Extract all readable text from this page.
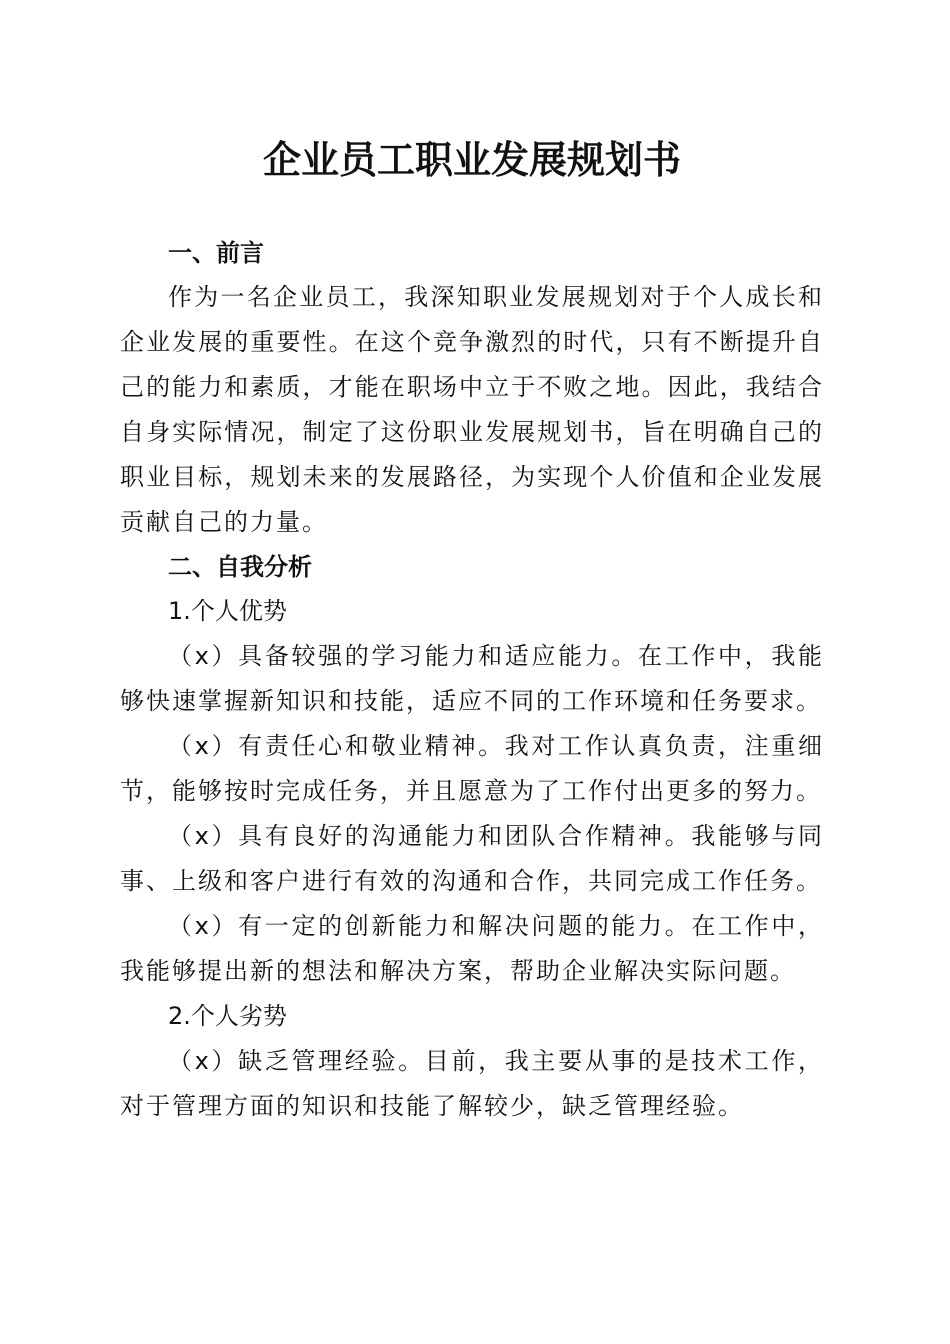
企业员工职业发展规划书

一、前言

作为一名企业员工，我深知职业发展规划对于个人成长和企业发展的重要性。在这个竞争激烈的时代，只有不断提升自己的能力和素质，才能在职场中立于不败之地。因此，我结合自身实际情况，制定了这份职业发展规划书，旨在明确自己的职业目标，规划未来的发展路径，为实现个人价值和企业发展贡献自己的力量。

二、自我分析

1.个人优势

（x）具备较强的学习能力和适应能力。在工作中，我能够快速掌握新知识和技能，适应不同的工作环境和任务要求。

（x）有责任心和敬业精神。我对工作认真负责，注重细节，能够按时完成任务，并且愿意为了工作付出更多的努力。

（x）具有良好的沟通能力和团队合作精神。我能够与同事、上级和客户进行有效的沟通和合作，共同完成工作任务。

（x）有一定的创新能力和解决问题的能力。在工作中，我能够提出新的想法和解决方案，帮助企业解决实际问题。

2.个人劣势

（x）缺乏管理经验。目前，我主要从事的是技术工作，对于管理方面的知识和技能了解较少，缺乏管理经验。
